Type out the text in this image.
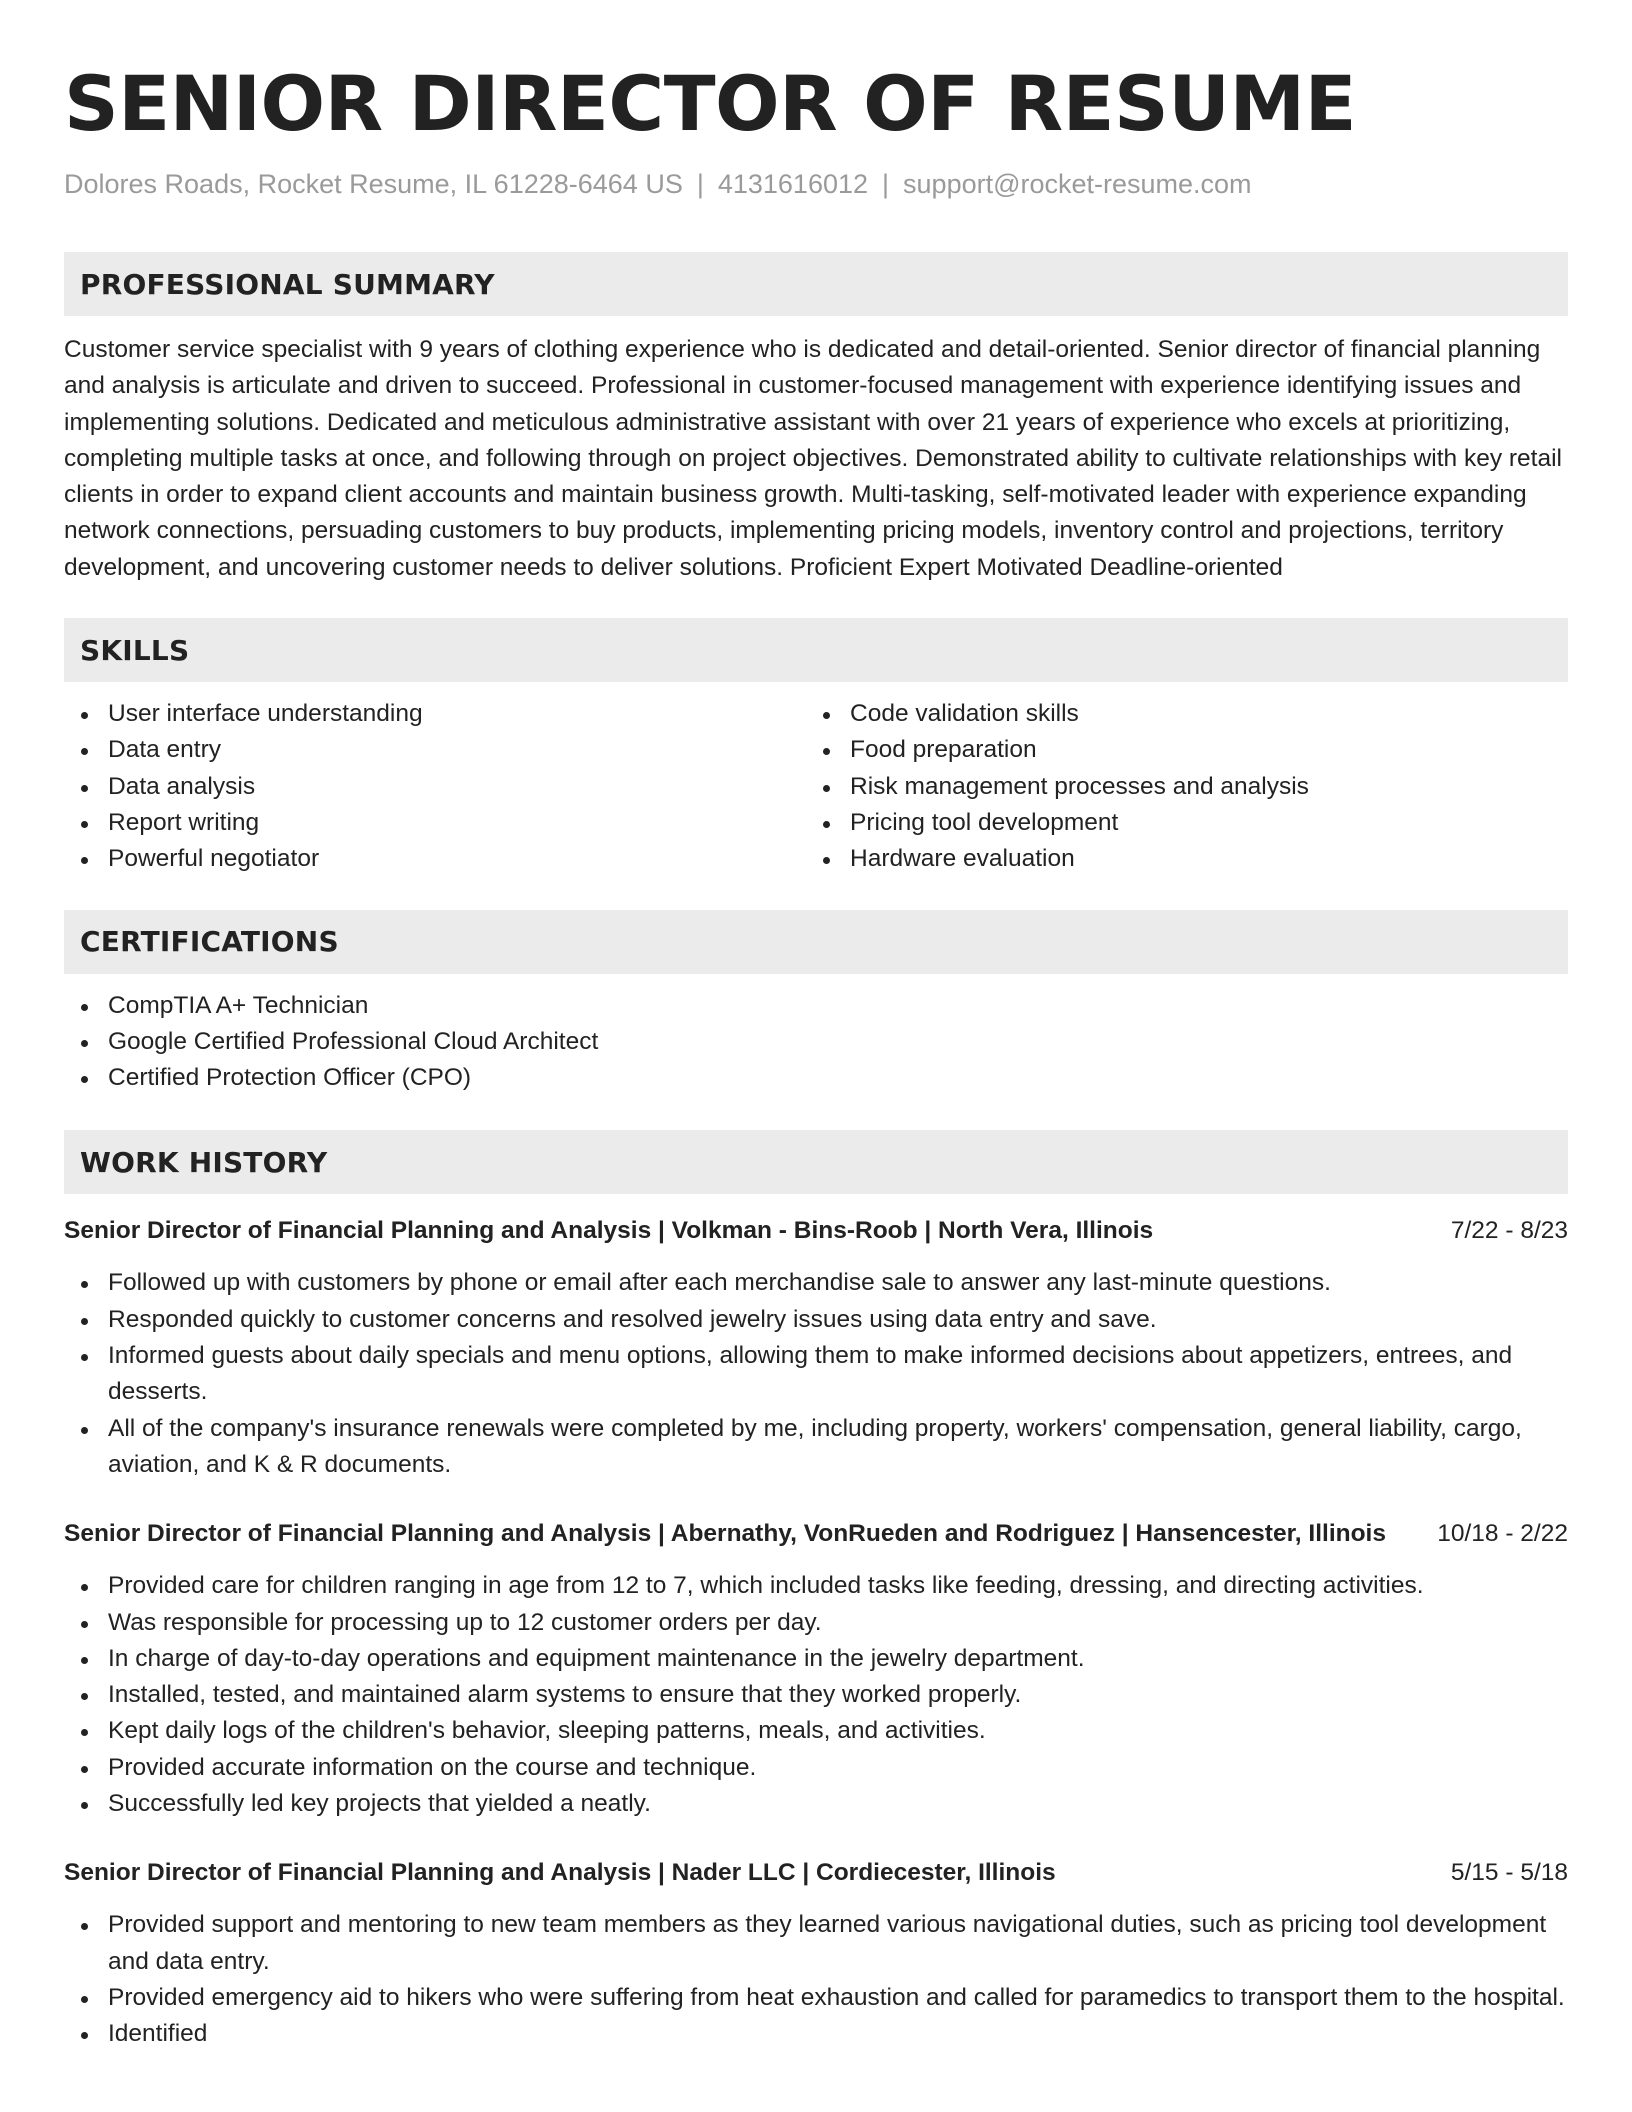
SENIOR DIRECTOR OF RESUME
Dolores Roads, Rocket Resume, IL 61228-6464 US | 4131616012 | support@rocket-resume.com
PROFESSIONAL SUMMARY

Customer service specialist with 9 years of clothing experience who is dedicated and detail-oriented. Senior director of financial planning and analysis is articulate and driven to succeed. Professional in customer-focused management with experience identifying issues and implementing solutions. Dedicated and meticulous administrative assistant with over 21 years of experience who excels at prioritizing, completing multiple tasks at once, and following through on project objectives. Demonstrated ability to cultivate relationships with key retail clients in order to expand client accounts and maintain business growth. Multi-tasking, self-motivated leader with experience expanding network connections, persuading customers to buy products, implementing pricing models, inventory control and projections, territory development, and uncovering customer needs to deliver solutions. Proficient Expert Motivated Deadline-oriented

SKILLS
User interface understanding
Data entry
Data analysis
Report writing
Powerful negotiator
Code validation skills
Food preparation
Risk management processes and analysis
Pricing tool development
Hardware evaluation
CERTIFICATIONS
CompTIA A+ Technician
Google Certified Professional Cloud Architect
Certified Protection Officer (CPO)
WORK HISTORY
Senior Director of Financial Planning and Analysis | Volkman - Bins-Roob | North Vera, Illinois	7/22 - 8/23
Followed up with customers by phone or email after each merchandise sale to answer any last-minute questions.
Responded quickly to customer concerns and resolved jewelry issues using data entry and save.
Informed guests about daily specials and menu options, allowing them to make informed decisions about appetizers, entrees, and desserts.
All of the company's insurance renewals were completed by me, including property, workers' compensation, general liability, cargo, aviation, and K & R documents.
Senior Director of Financial Planning and Analysis | Abernathy, VonRueden and Rodriguez | Hansencester, Illinois 10/18 - 2/22
Provided care for children ranging in age from 12 to 7, which included tasks like feeding, dressing, and directing activities.
Was responsible for processing up to 12 customer orders per day.
In charge of day-to-day operations and equipment maintenance in the jewelry department.
Installed, tested, and maintained alarm systems to ensure that they worked properly.
Kept daily logs of the children's behavior, sleeping patterns, meals, and activities.
Provided accurate information on the course and technique.
Successfully led key projects that yielded a neatly.
Senior Director of Financial Planning and Analysis | Nader LLC | Cordiecester, Illinois	5/15 - 5/18
Provided support and mentoring to new team members as they learned various navigational duties, such as pricing tool development and data entry.
Provided emergency aid to hikers who were suffering from heat exhaustion and called for paramedics to transport them to the hospital.
Identified
